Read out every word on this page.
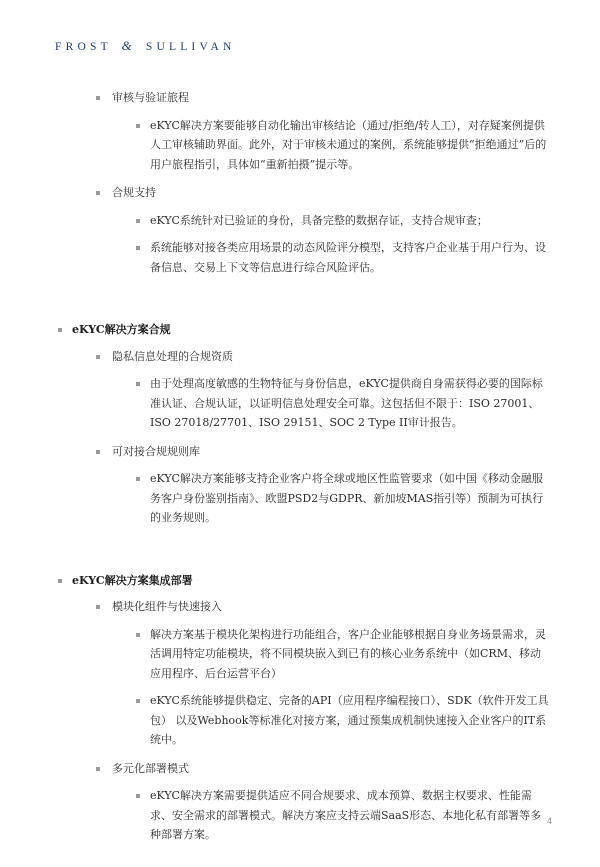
FROST & SULLIVAN
审核与验证旅程
eKYC解决方案要能够自动化输出审核结论（通过/拒绝/转人工），对存疑案例提供人工审核辅助界面。此外，对于审核未通过的案例，系统能够提供“拒绝通过”后的用户旅程指引，具体如“重新拍摄”提示等。
合规支持
eKYC系统针对已验证的身份，具备完整的数据存证，支持合规审查；
系统能够对接各类应用场景的动态风险评分模型，支持客户企业基于用户行为、设备信息、交易上下文等信息进行综合风险评估。
eKYC解决方案合规
隐私信息处理的合规资质
由于处理高度敏感的生物特征与身份信息，eKYC提供商自身需获得必要的国际标准认证、合规认证，以证明信息处理安全可靠。这包括但不限于：ISO 27001、ISO 27018/27701、ISO 29151、SOC 2 Type II审计报告。
可对接合规规则库
eKYC解决方案能够支持企业客户将全球或地区性监管要求（如中国《移动金融服务客户身份鉴别指南》、欧盟PSD2与GDPR、新加坡MAS指引等）预制为可执行的业务规则。
eKYC解决方案集成部署
模块化组件与快速接入
解决方案基于模块化架构进行功能组合，客户企业能够根据自身业务场景需求，灵活调用特定功能模块，将不同模块嵌入到已有的核心业务系统中（如CRM、移动应用程序、后台运营平台）
eKYC系统能够提供稳定、完备的API（应用程序编程接口）、SDK（软件开发工具包） 以及Webhook等标准化对接方案，通过预集成机制快速接入企业客户的IT系统中。
多元化部署模式
eKYC解决方案需要提供适应不同合规要求、成本预算、数据主权要求、性能需求、安全需求的部署模式。解决方案应支持云端SaaS形态、本地化私有部署等多种部署方案。
4
